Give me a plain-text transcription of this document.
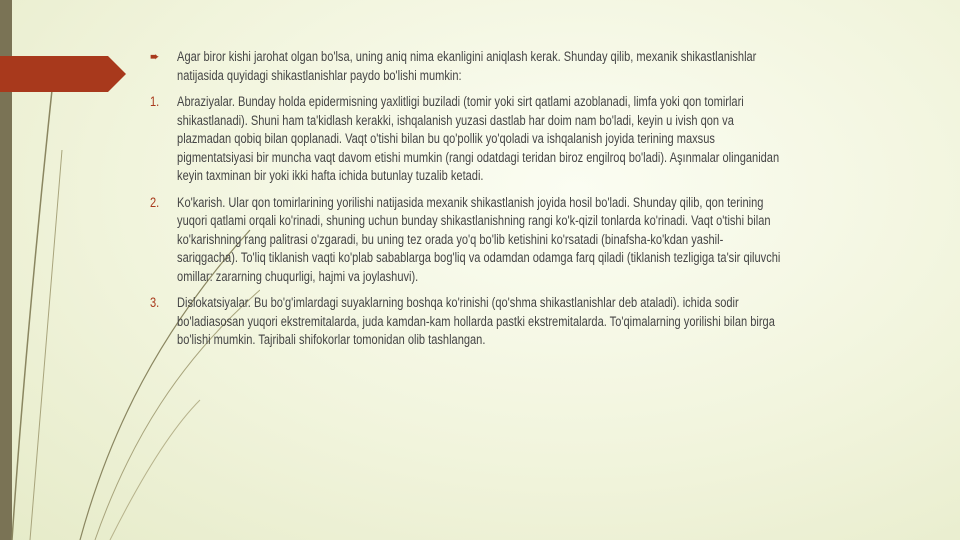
➨	Agar biror kishi jarohat olgan bo'lsa, uning aniq nima ekanligini aniqlash kerak. Shunday qilib, mexanik shikastlanishlar natijasida quyidagi shikastlanishlar paydo bo'lishi mumkin:
1.	Abraziyalar. Bunday holda epidermisning yaxlitligi buziladi (tomir yoki sirt qatlami azoblanadi, limfa yoki qon tomirlari shikastlanadi). Shuni ham ta'kidlash kerakki, ishqalanish yuzasi dastlab har doim nam bo'ladi, keyin u ivish qon va plazmadan qobiq bilan qoplanadi. Vaqt o'tishi bilan bu qo'pollik yo'qoladi va ishqalanish joyida terining maxsus pigmentatsiyasi bir muncha vaqt davom etishi mumkin (rangi odatdagi teridan biroz engilroq bo'ladi). Aşınmalar olinganidan keyin taxminan bir yoki ikki hafta ichida butunlay tuzalib ketadi.
2.	Ko'karish. Ular qon tomirlarining yorilishi natijasida mexanik shikastlanish joyida hosil bo'ladi. Shunday qilib, qon terining yuqori qatlami orqali ko'rinadi, shuning uchun bunday shikastlanishning rangi ko'k-qizil tonlarda ko'rinadi. Vaqt o'tishi bilan ko'karishning rang palitrasi o'zgaradi, bu uning tez orada yo'q bo'lib ketishini ko'rsatadi (binafsha-ko'kdan yashil-sariqgacha). To'liq tiklanish vaqti ko'plab sabablarga bog'liq va odamdan odamga farq qiladi (tiklanish tezligiga ta'sir qiluvchi omillar: zararning chuqurligi, hajmi va joylashuvi).
3.	Dislokatsiyalar. Bu bo'g'imlardagi suyaklarning boshqa ko'rinishi (qo'shma shikastlanishlar deb ataladi). ichida sodir bo'ladiasosan yuqori ekstremitalarda, juda kamdan-kam hollarda pastki ekstremitalarda. To'qimalarning yorilishi bilan birga bo'lishi mumkin. Tajribali shifokorlar tomonidan olib tashlangan.
